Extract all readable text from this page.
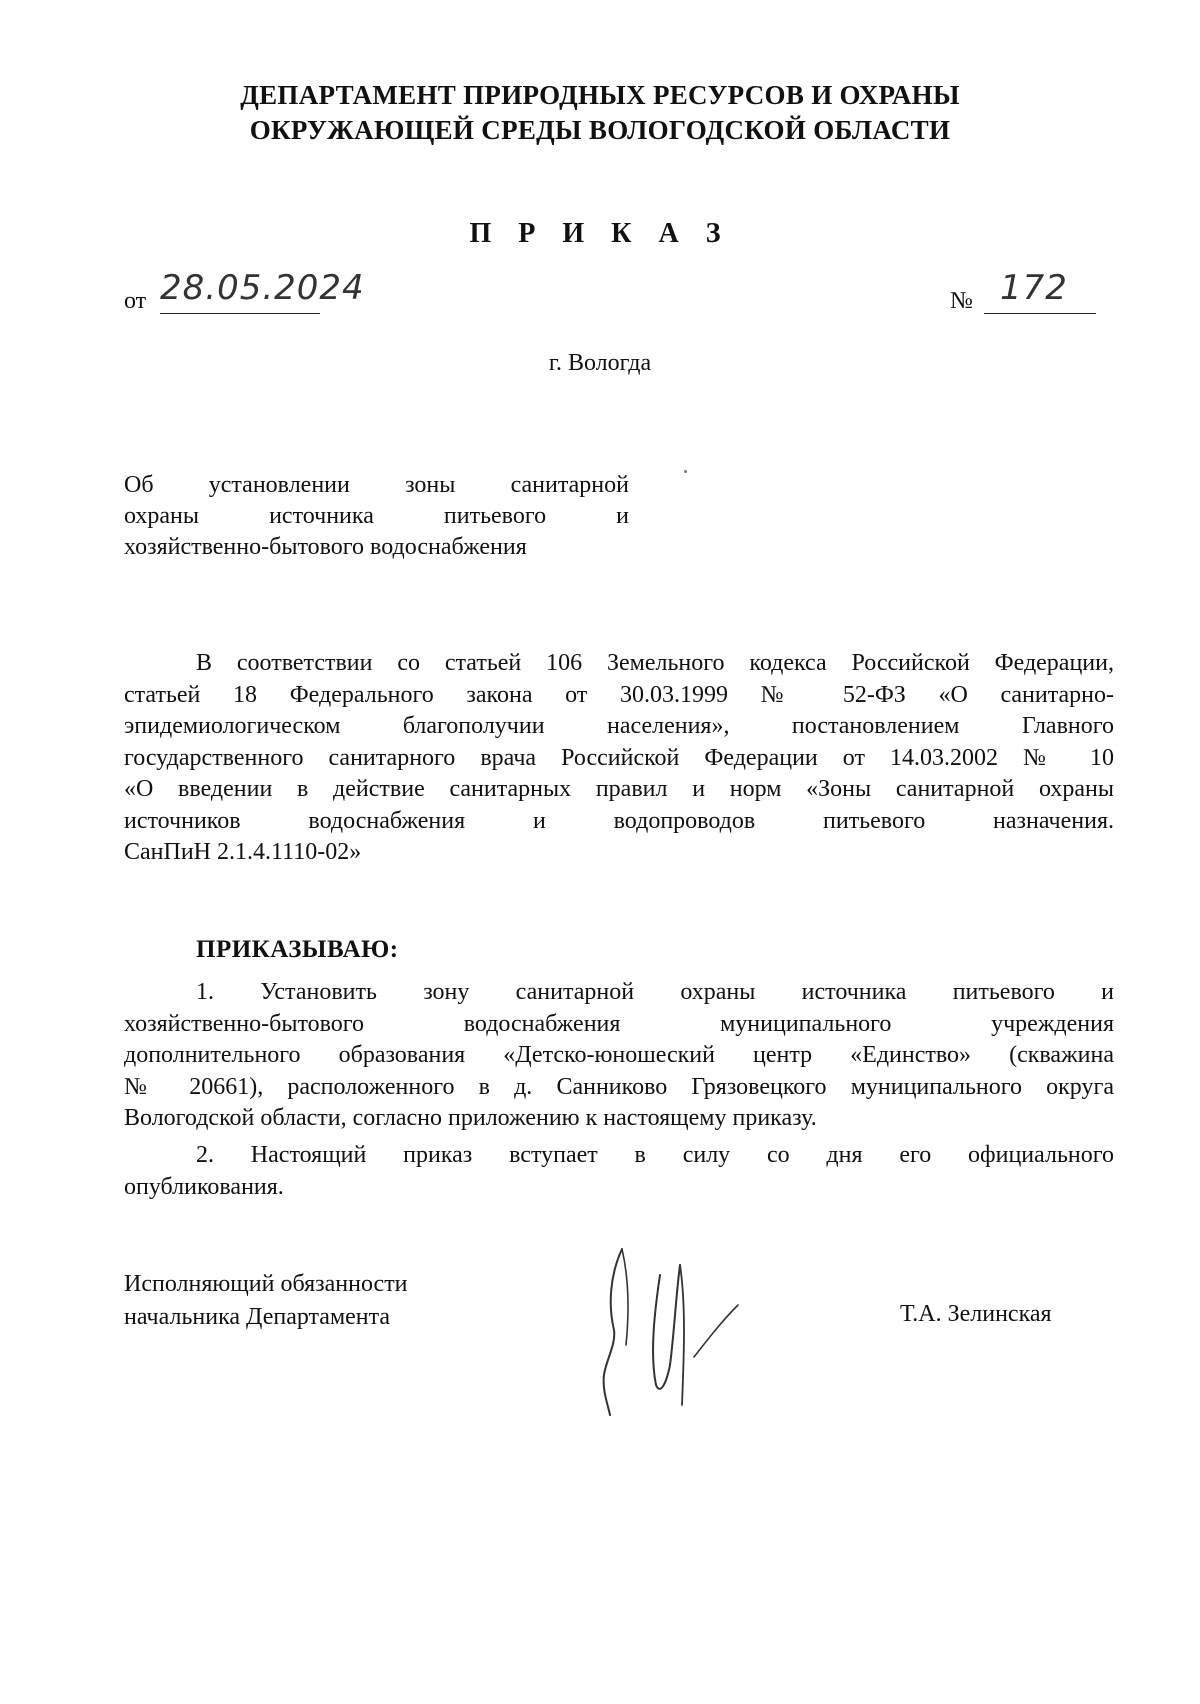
ДЕПАРТАМЕНТ ПРИРОДНЫХ РЕСУРСОВ И ОХРАНЫ
ОКРУЖАЮЩЕЙ СРЕДЫ ВОЛОГОДСКОЙ ОБЛАСТИ
П Р И К А З
от 28.05.2024	№ 172
г. Вологда
Об установлении зоны санитарной
охраны источника питьевого и
хозяйственно-бытового водоснабжения
В соответствии со статьей 106 Земельного кодекса Российской Федерации,
статьей 18 Федерального закона от 30.03.1999 № 52-ФЗ «О санитарно-
эпидемиологическом благополучии населения», постановлением Главного
государственного санитарного врача Российской Федерации от 14.03.2002 № 10
«О введении в действие санитарных правил и норм «Зоны санитарной охраны
источников водоснабжения и водопроводов питьевого назначения.
СанПиН 2.1.4.1110-02»
ПРИКАЗЫВАЮ:
1. Установить зону санитарной охраны источника питьевого и
хозяйственно-бытового водоснабжения муниципального учреждения
дополнительного образования «Детско-юношеский центр «Единство» (скважина
№ 20661), расположенного в д. Санниково Грязовецкого муниципального округа
Вологодской области, согласно приложению к настоящему приказу.
2. Настоящий приказ вступает в силу со дня его официального
опубликования.
Исполняющий обязанности
начальника Департамента	Т.А. Зелинская
